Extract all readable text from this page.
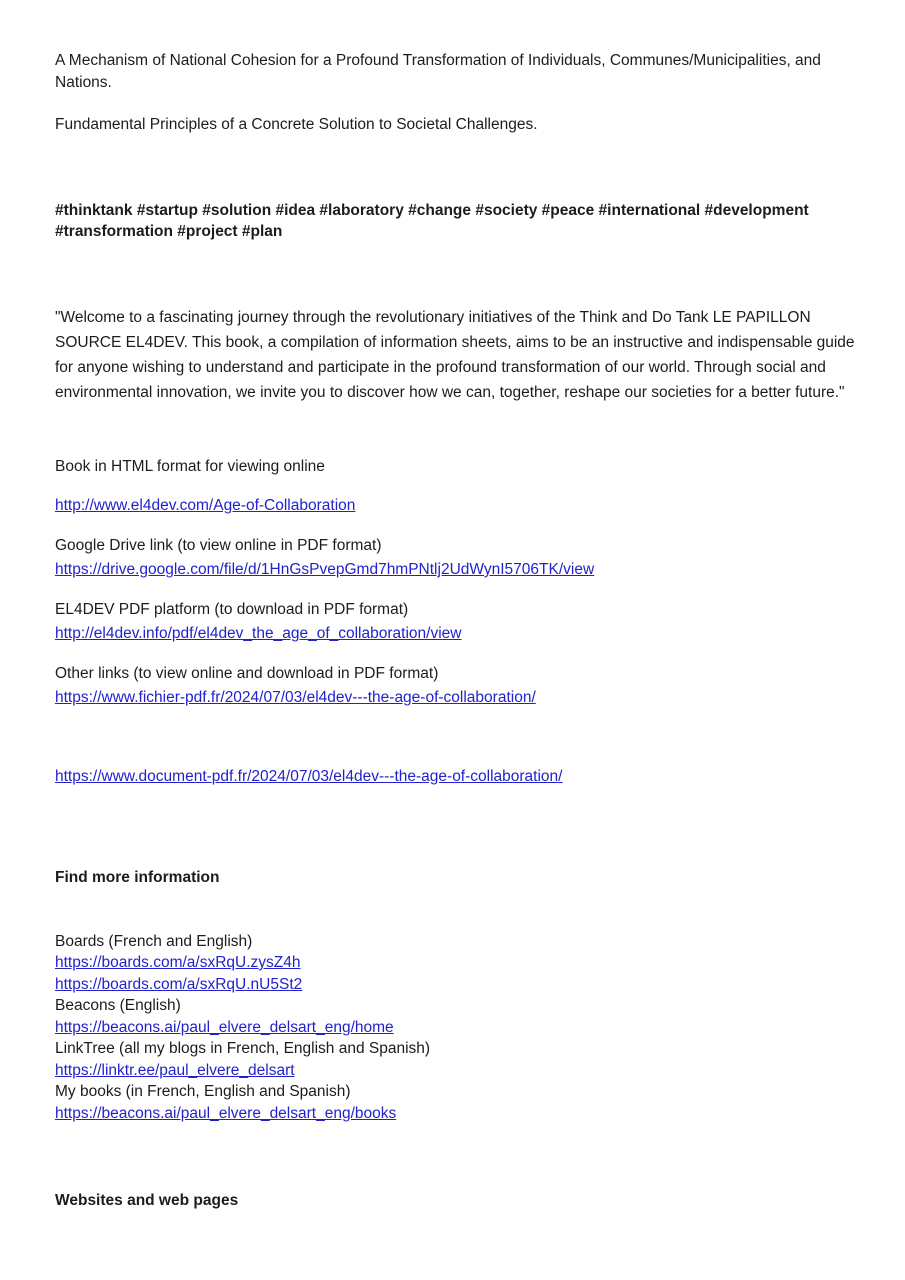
A Mechanism of National Cohesion for a Profound Transformation of Individuals, Communes/Municipalities, and Nations.

Fundamental Principles of a Concrete Solution to Societal Challenges.

#thinktank #startup #solution #idea #laboratory #change #society #peace #international #development #transformation #project #plan

"Welcome to a fascinating journey through the revolutionary initiatives of the Think and Do Tank LE PAPILLON SOURCE EL4DEV. This book, a compilation of information sheets, aims to be an instructive and indispensable guide for anyone wishing to understand and participate in the profound transformation of our world. Through social and environmental innovation, we invite you to discover how we can, together, reshape our societies for a better future."

Book in HTML format for viewing online

http://www.el4dev.com/Age-of-Collaboration

Google Drive link (to view online in PDF format)

https://drive.google.com/file/d/1HnGsPvepGmd7hmPNtlj2UdWynI5706TK/view

EL4DEV PDF platform (to download in PDF format)

http://el4dev.info/pdf/el4dev_the_age_of_collaboration/view

Other links (to view online and download in PDF format)

https://www.fichier-pdf.fr/2024/07/03/el4dev---the-age-of-collaboration/

https://www.document-pdf.fr/2024/07/03/el4dev---the-age-of-collaboration/

Find more information

Boards (French and English)

https://boards.com/a/sxRqU.zysZ4h

https://boards.com/a/sxRqU.nU5St2

Beacons (English)

https://beacons.ai/paul_elvere_delsart_eng/home

LinkTree (all my blogs in French, English and Spanish)

https://linktr.ee/paul_elvere_delsart

My books (in French, English and Spanish)

https://beacons.ai/paul_elvere_delsart_eng/books

Websites and web pages
